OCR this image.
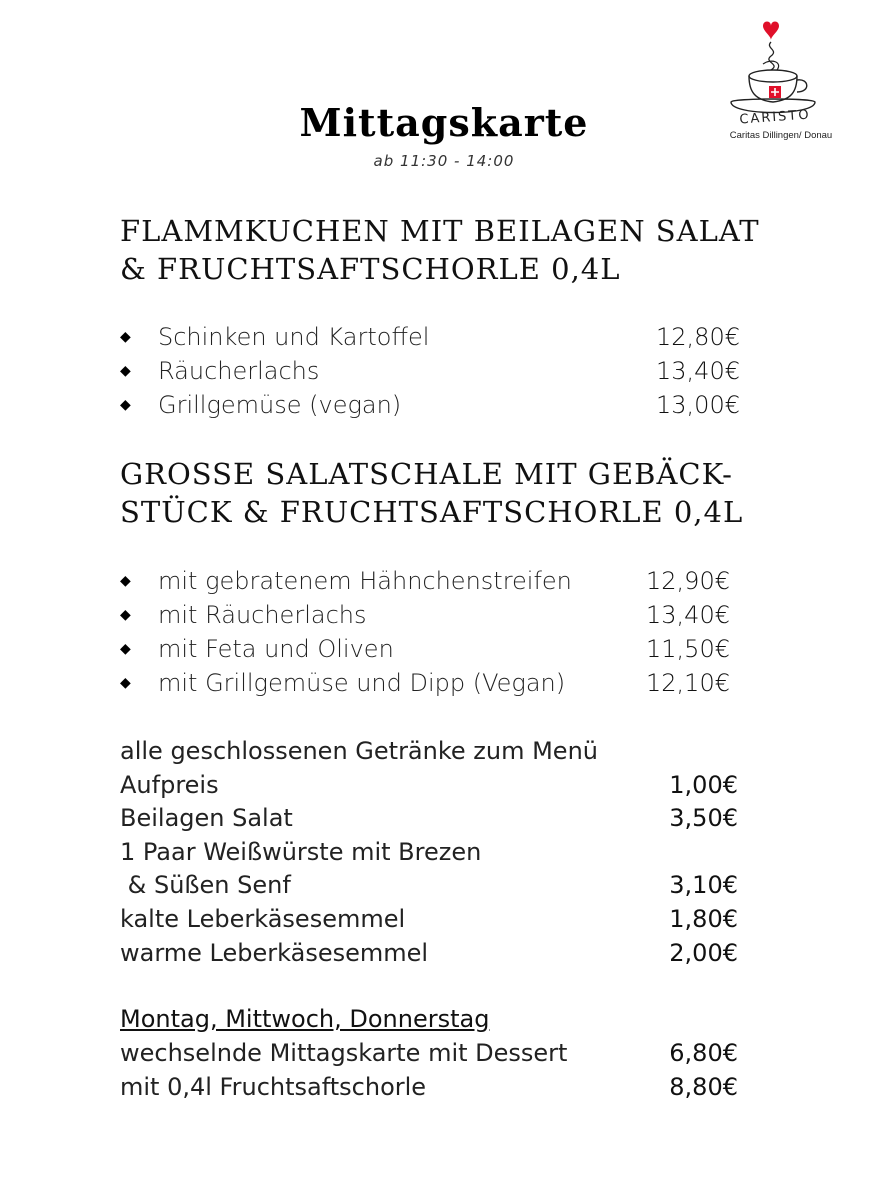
CARISTO
Caritas Dillingen/ Donau
Mittagskarte
ab 11:30 - 14:00
FLAMMKUCHEN MIT BEILAGEN SALAT
& FRUCHTSAFTSCHORLE 0,4L
◆ Schinken und Kartoffel	12,80€
◆ Räucherlachs	13,40€
◆ Grillgemüse (vegan)	13,00€
GROSSE SALATSCHALE MIT GEBÄCK-
STÜCK & FRUCHTSAFTSCHORLE 0,4L
◆ mit gebratenem Hähnchenstreifen	12,90€
◆ mit Räucherlachs	13,40€
◆ mit Feta und Oliven	11,50€
◆ mit Grillgemüse und Dipp (Vegan)	12,10€
alle geschlossenen Getränke zum Menü
Aufpreis	1,00€
Beilagen Salat	3,50€
1 Paar Weißwürste mit Brezen
& Süßen Senf	3,10€
kalte Leberkäsesemmel	1,80€
warme Leberkäsesemmel	2,00€
Montag, Mittwoch, Donnerstag
wechselnde Mittagskarte mit Dessert	6,80€
mit 0,4l Fruchtsaftschorle	8,80€
